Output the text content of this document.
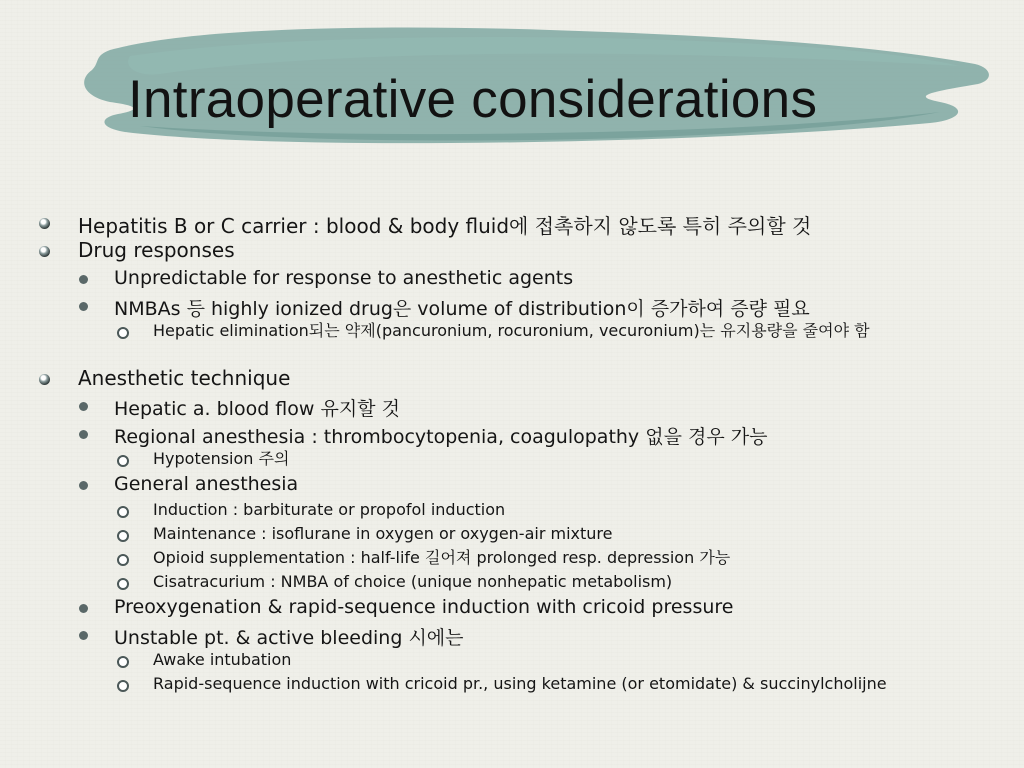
Intraoperative considerations
Hepatitis B or C carrier : blood & body fluid에 접촉하지 않도록 특히 주의할 것
Drug responses
Unpredictable for response to anesthetic agents
NMBAs 등 highly ionized drug은 volume of distribution이 증가하여 증량 필요
Hepatic elimination되는 약제(pancuronium, rocuronium, vecuronium)는 유지용량을 줄여야 함
Anesthetic technique
Hepatic a. blood flow 유지할 것
Regional anesthesia : thrombocytopenia, coagulopathy 없을 경우 가능
Hypotension 주의
General anesthesia
Induction : barbiturate or propofol induction
Maintenance : isoflurane in oxygen or oxygen-air mixture
Opioid supplementation : half-life 길어져 prolonged resp. depression 가능
Cisatracurium : NMBA of choice (unique nonhepatic metabolism)
Preoxygenation & rapid-sequence induction with cricoid pressure
Unstable pt. & active bleeding 시에는
Awake intubation
Rapid-sequence induction with cricoid pr., using ketamine (or etomidate) & succinylcholijne
